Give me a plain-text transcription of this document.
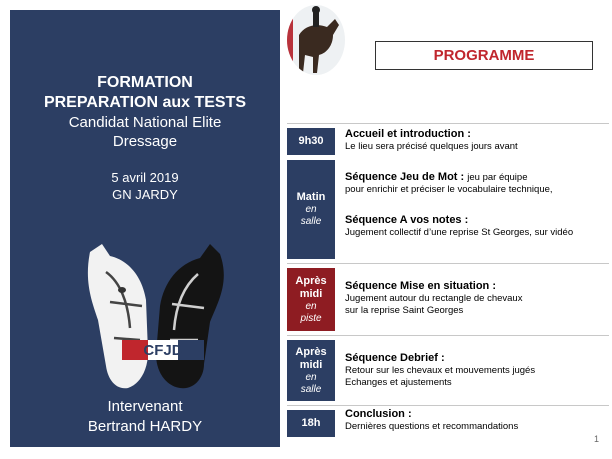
FORMATION
PREPARATION aux TESTS
Candidat National Elite
Dressage
5 avril 2019
GN JARDY
CFJD
Intervenant
Bertrand HARDY
PROGRAMME
9h30
Matin
en
salle
Après
midi
en
piste
Après
midi
en
salle
18h
Accueil et introduction :
Le lieu sera précisé quelques jours avant
Séquence Jeu de Mot : jeu par équipe
pour enrichir et préciser le vocabulaire technique,
Séquence A vos notes :
Jugement collectif d’une reprise St Georges, sur vidéo
Séquence Mise en situation :
Jugement autour du rectangle de chevaux
sur la reprise Saint Georges
Séquence Debrief :
Retour sur les chevaux et mouvements jugés
Echanges et ajustements
Conclusion :
Dernières questions et recommandations
1
